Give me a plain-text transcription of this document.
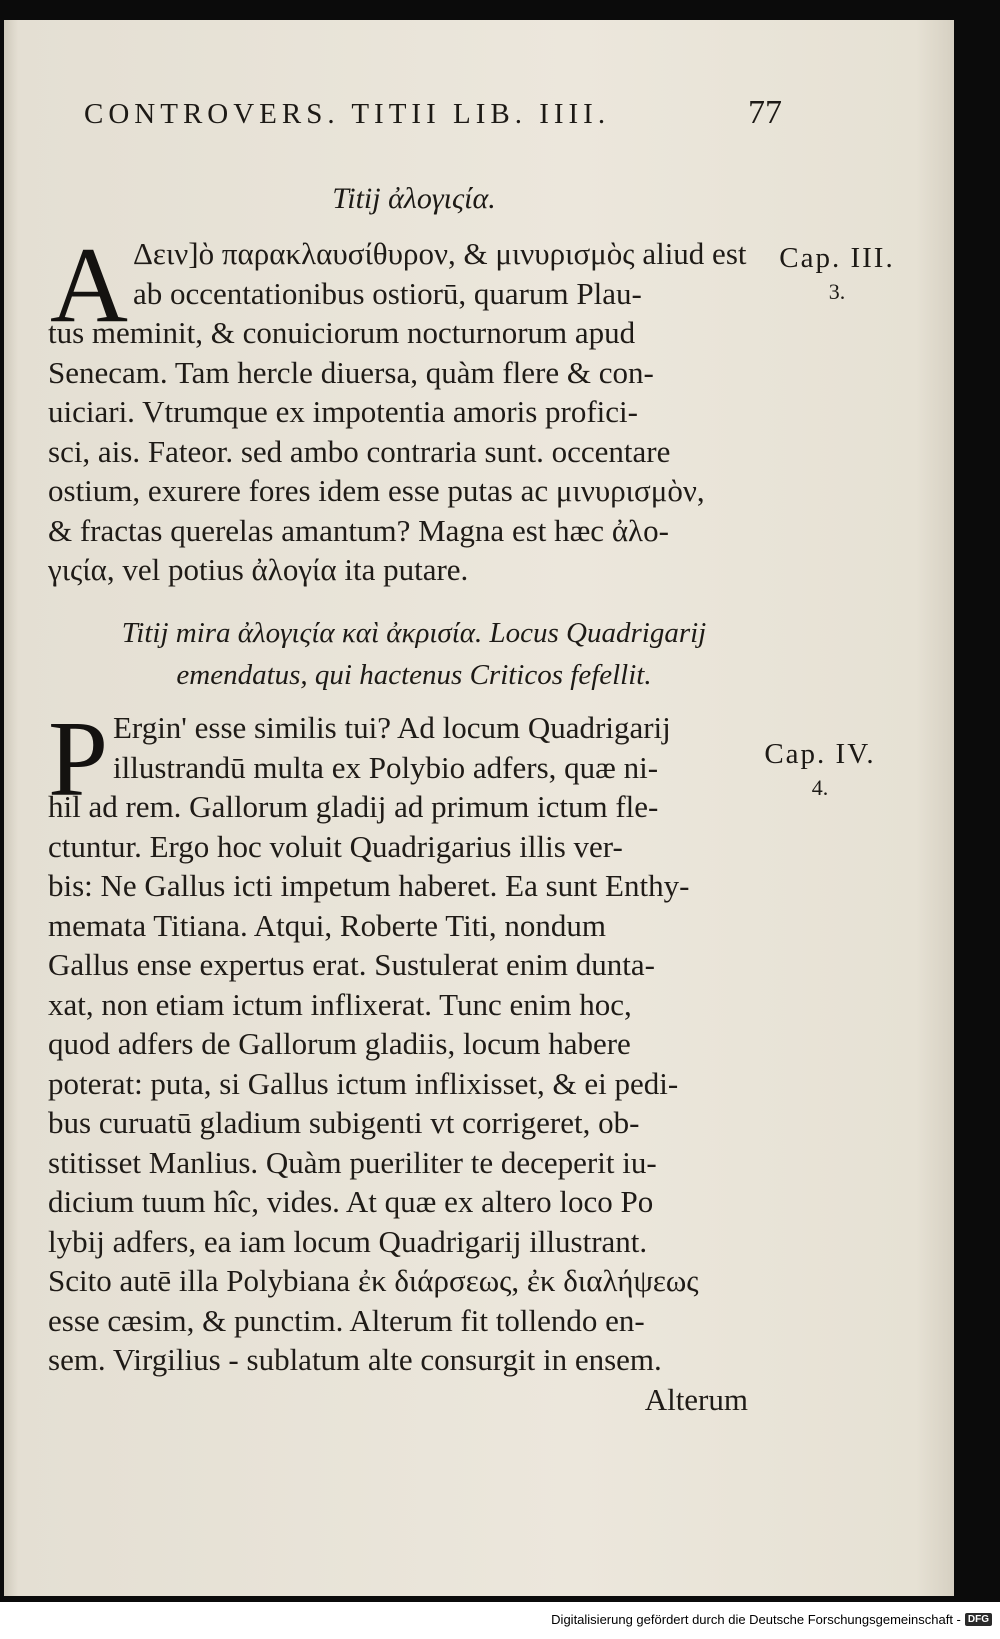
CONTROVERS. TITII LIB. IIII.	77
Titij ἀλογιςία.
A Δειν]ὸ παρακλαυσίθυρον, & μινυρισμὸς aliud est
ab occentationibus ostiorū, quarum Plau-
tus meminit, & conuiciorum nocturnorum apud
Senecam. Tam hercle diuersa, quàm flere & con-
uiciari. Vtrumque ex impotentia amoris profici-
sci, ais. Fateor. sed ambo contraria sunt. occentare
ostium, exurere fores idem esse putas ac μινυρισμὸν,
& fractas querelas amantum? Magna est hæc ἀλο-
γιςία, vel potius ἀλογία ita putare.
Cap. III.
3.
Titij mira ἀλογιςία καὶ ἀκρισία. Locus Quadrigarij
emendatus, qui hactenus Criticos fefellit.
P Ergin' esse similis tui? Ad locum Quadrigarij
illustrandū multa ex Polybio adfers, quæ ni-
hil ad rem. Gallorum gladij ad primum ictum fle-
ctuntur. Ergo hoc voluit Quadrigarius illis ver-
bis: Ne Gallus icti impetum haberet. Ea sunt Enthy-
memata Titiana. Atqui, Roberte Titi, nondum
Gallus ense expertus erat. Sustulerat enim dunta-
xat, non etiam ictum inflixerat. Tunc enim hoc,
quod adfers de Gallorum gladiis, locum habere
poterat: puta, si Gallus ictum inflixisset, & ei pedi-
bus curuatū gladium subigenti vt corrigeret, ob-
stitisset Manlius. Quàm pueriliter te deceperit iu-
dicium tuum hîc, vides. At quæ ex altero loco Po
lybij adfers, ea iam locum Quadrigarij illustrant.
Scito autē illa Polybiana ἐκ διάρσεως, ἐκ διαλήψεως
esse cæsim, & punctim. Alterum fit tollendo en-
sem. Virgilius - sublatum alte consurgit in ensem.
Alterum
Cap. IV.
4.
Digitalisierung gefördert durch die Deutsche Forschungsgemeinschaft - DFG
